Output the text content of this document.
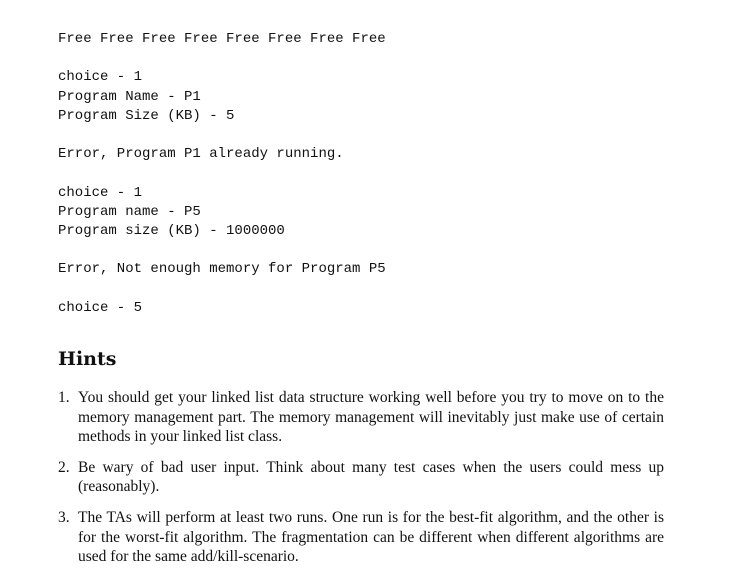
Free Free Free Free Free Free Free Free

choice - 1

Program Name - P1

Program Size (KB) - 5

Error, Program P1 already running.

choice - 1

Program name - P5

Program size (KB) - 1000000

Error, Not enough memory for Program P5

choice - 5

Hints
1. You should get your linked list data structure working well before you try to move on to the memory management part. The memory management will inevitably just make use of certain methods in your linked list class.
2. Be wary of bad user input. Think about many test cases when the users could mess up (reasonably).
3. The TAs will perform at least two runs. One run is for the best-fit algorithm, and the other is for the worst-fit algorithm. The fragmentation can be different when different algorithms are used for the same add/kill-scenario.
